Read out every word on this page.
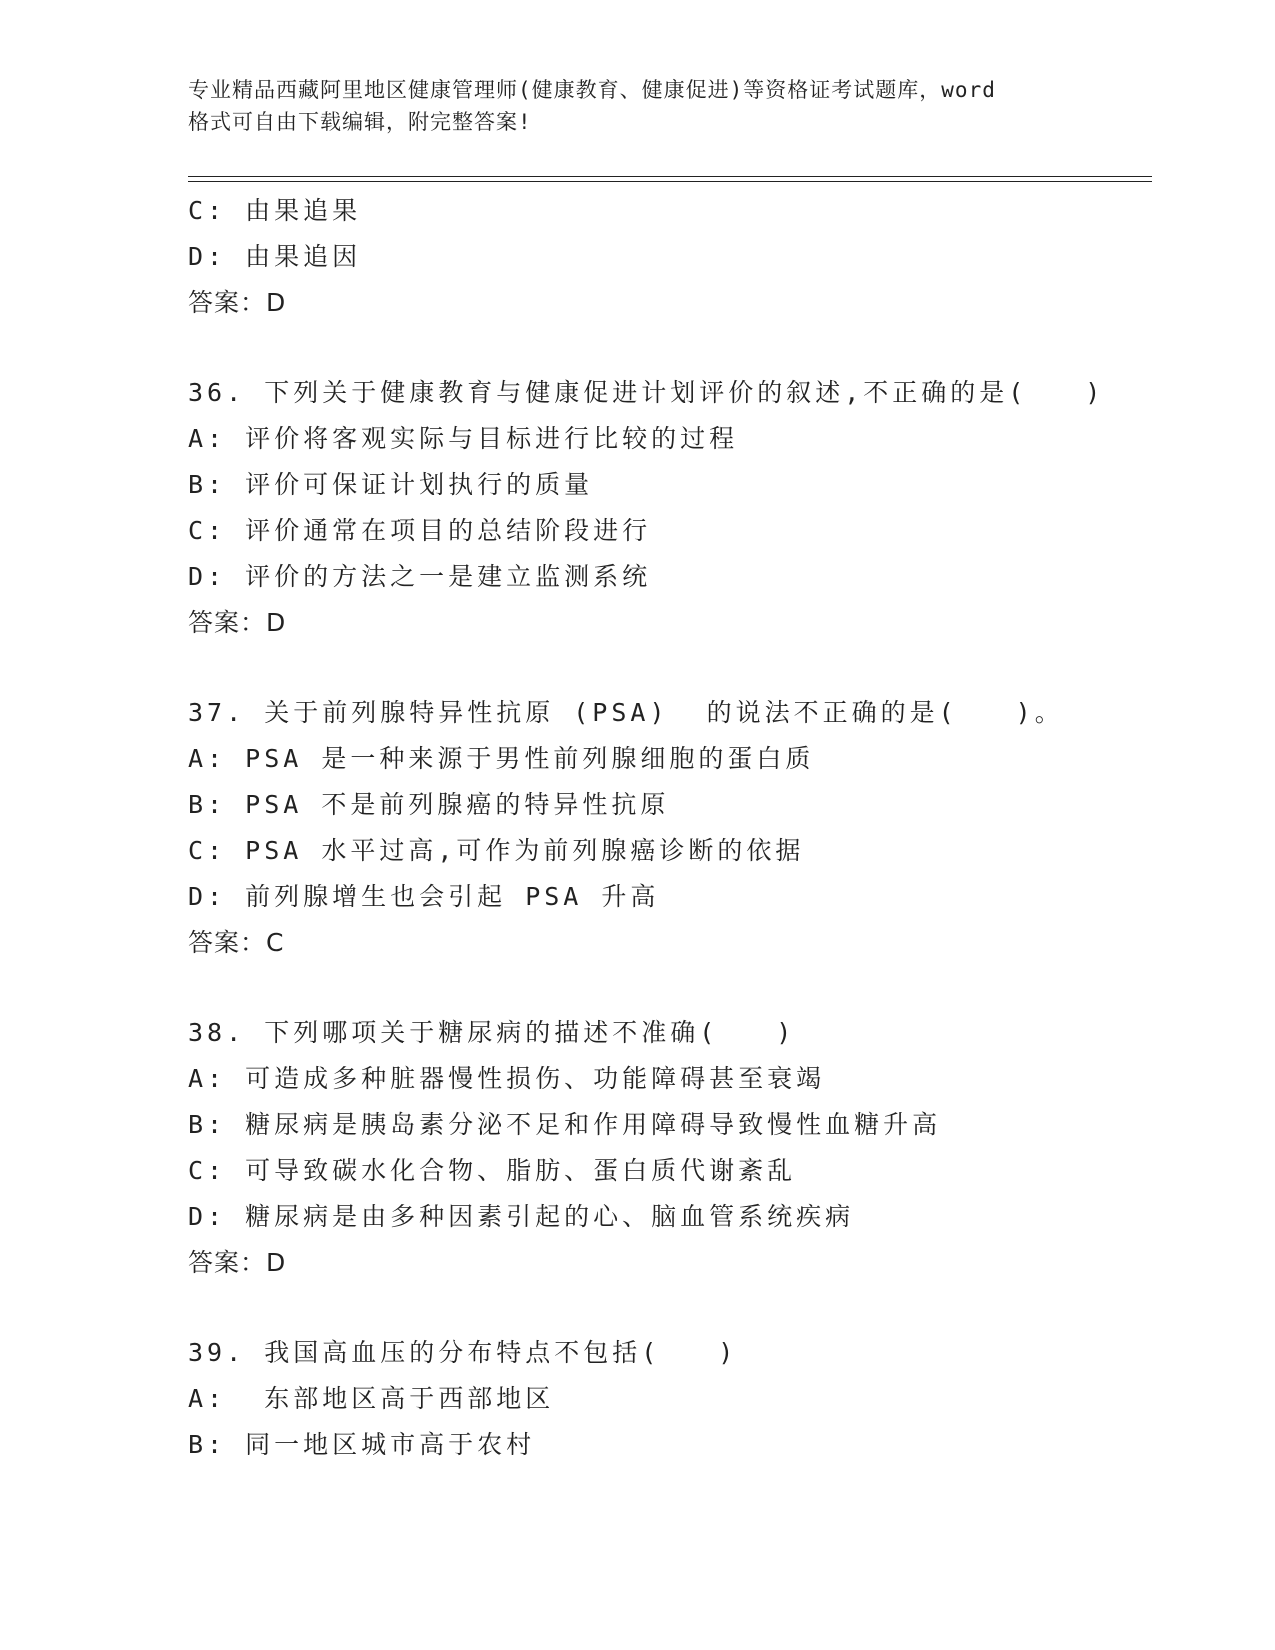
专业精品西藏阿里地区健康管理师(健康教育、健康促进)等资格证考试题库，word
格式可自由下载编辑，附完整答案!
C: 由果追果
D: 由果追因
答案：D
36. 下列关于健康教育与健康促进计划评价的叙述,不正确的是(　　)
A: 评价将客观实际与目标进行比较的过程
B: 评价可保证计划执行的质量
C: 评价通常在项目的总结阶段进行
D: 评价的方法之一是建立监测系统
答案：D
37. 关于前列腺特异性抗原 (PSA)  的说法不正确的是(　　)。
A: PSA 是一种来源于男性前列腺细胞的蛋白质
B: PSA 不是前列腺癌的特异性抗原
C: PSA 水平过高,可作为前列腺癌诊断的依据
D: 前列腺增生也会引起 PSA 升高
答案：C
38. 下列哪项关于糖尿病的描述不准确(　　)
A: 可造成多种脏器慢性损伤、功能障碍甚至衰竭
B: 糖尿病是胰岛素分泌不足和作用障碍导致慢性血糖升高
C: 可导致碳水化合物、脂肪、蛋白质代谢紊乱
D: 糖尿病是由多种因素引起的心、脑血管系统疾病
答案：D
39. 我国高血压的分布特点不包括(　　)
A:  东部地区高于西部地区
B: 同一地区城市高于农村
